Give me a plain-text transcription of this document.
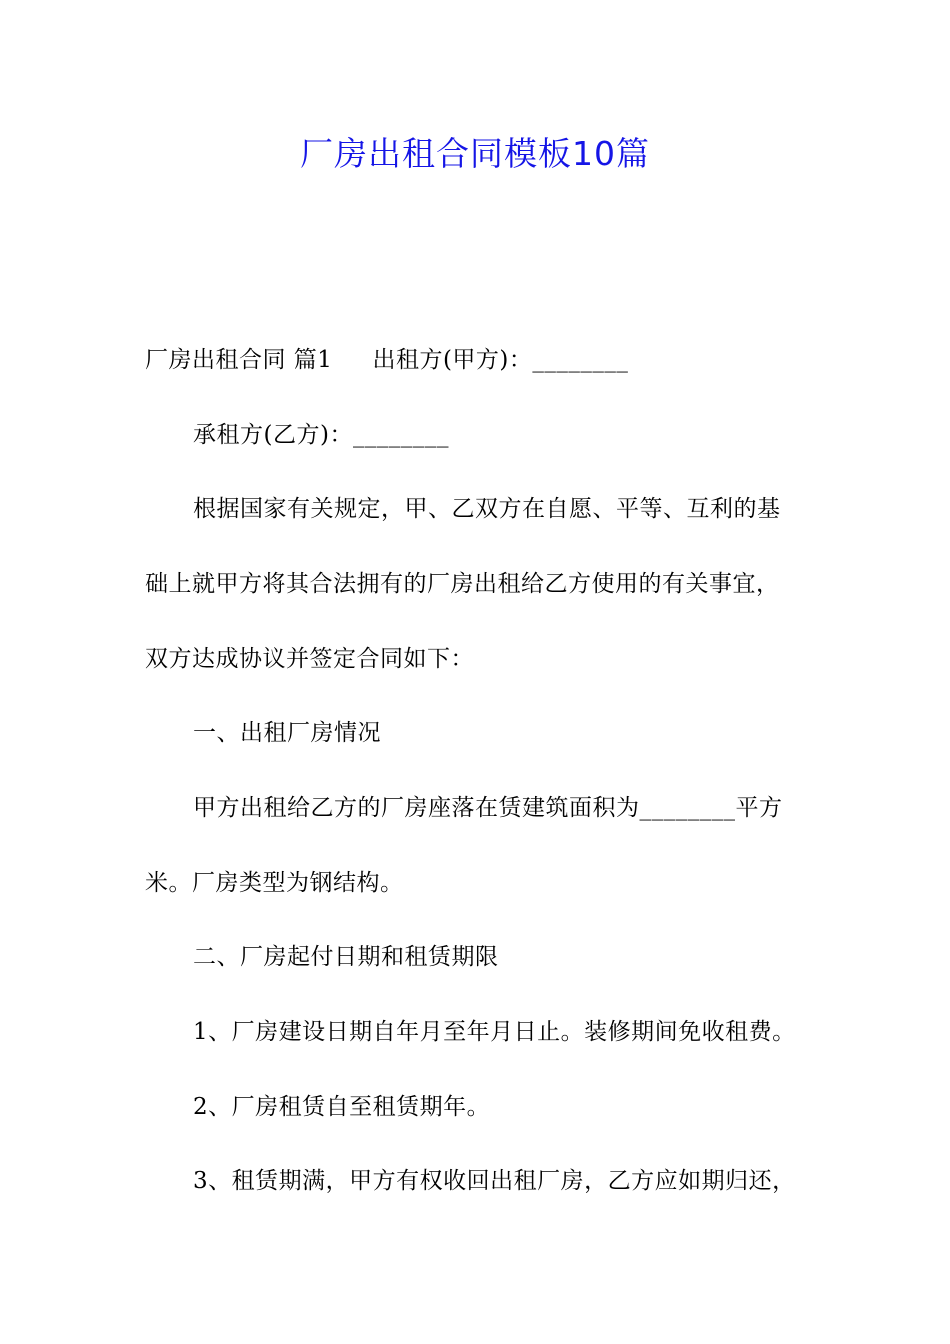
厂房出租合同模板10篇
厂房出租合同 篇1 出租方(甲方)：________
承租方(乙方)：________
根据国家有关规定，甲、乙双方在自愿、平等、互利的基
础上就甲方将其合法拥有的厂房出租给乙方使用的有关事宜，
双方达成协议并签定合同如下：
一、出租厂房情况
甲方出租给乙方的厂房座落在赁建筑面积为________平方
米。厂房类型为钢结构。
二、厂房起付日期和租赁期限
1、厂房建设日期自年月至年月日止。装修期间免收租费。
2、厂房租赁自至租赁期年。
3、租赁期满，甲方有权收回出租厂房，乙方应如期归还，
